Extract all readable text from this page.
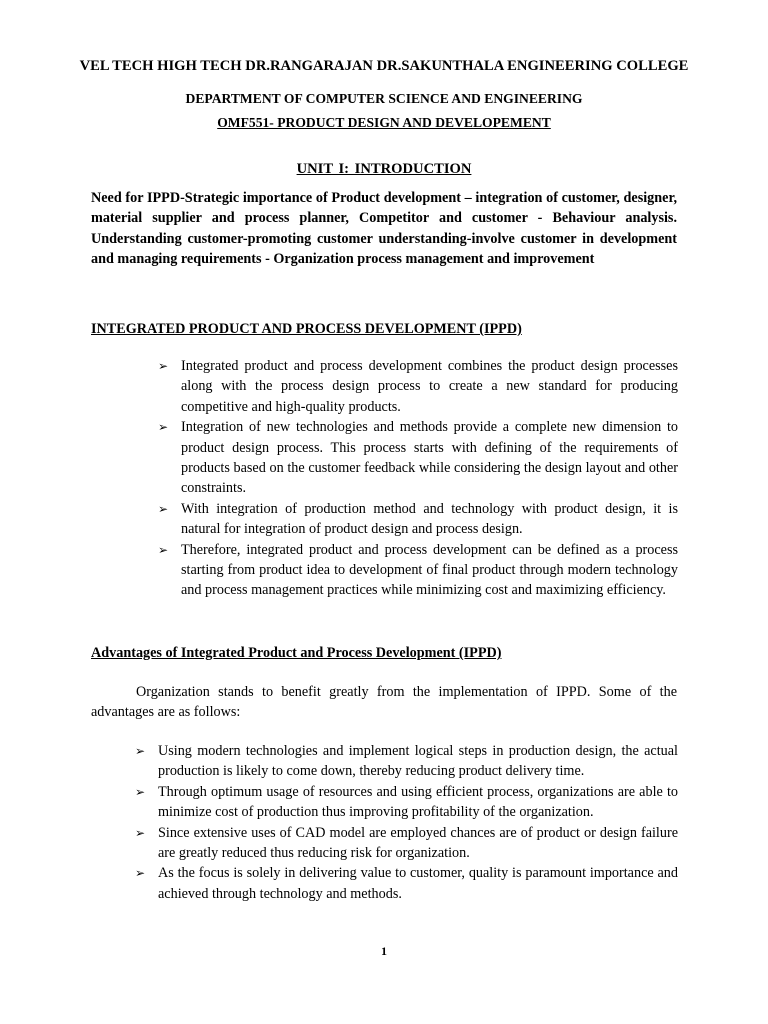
VEL TECH HIGH TECH DR.RANGARAJAN DR.SAKUNTHALA ENGINEERING COLLEGE
DEPARTMENT OF COMPUTER SCIENCE AND ENGINEERING
OMF551- PRODUCT DESIGN AND DEVELOPEMENT
UNIT I: INTRODUCTION
Need for IPPD-Strategic importance of Product development – integration of customer, designer, material supplier and process planner, Competitor and customer - Behaviour analysis. Understanding customer-promoting customer understanding-involve customer in development and managing requirements - Organization process management and improvement
INTEGRATED PRODUCT AND PROCESS DEVELOPMENT (IPPD)
➢ Integrated product and process development combines the product design processes along with the process design process to create a new standard for producing competitive and high-quality products.
➢ Integration of new technologies and methods provide a complete new dimension to product design process. This process starts with defining of the requirements of products based on the customer feedback while considering the design layout and other constraints.
➢ With integration of production method and technology with product design, it is natural for integration of product design and process design.
➢ Therefore, integrated product and process development can be defined as a process starting from product idea to development of final product through modern technology and process management practices while minimizing cost and maximizing efficiency.
Advantages of Integrated Product and Process Development (IPPD)
Organization stands to benefit greatly from the implementation of IPPD. Some of the advantages are as follows:
➢ Using modern technologies and implement logical steps in production design, the actual production is likely to come down, thereby reducing product delivery time.
➢ Through optimum usage of resources and using efficient process, organizations are able to minimize cost of production thus improving profitability of the organization.
➢ Since extensive uses of CAD model are employed chances are of product or design failure are greatly reduced thus reducing risk for organization.
➢ As the focus is solely in delivering value to customer, quality is paramount importance and achieved through technology and methods.
1
